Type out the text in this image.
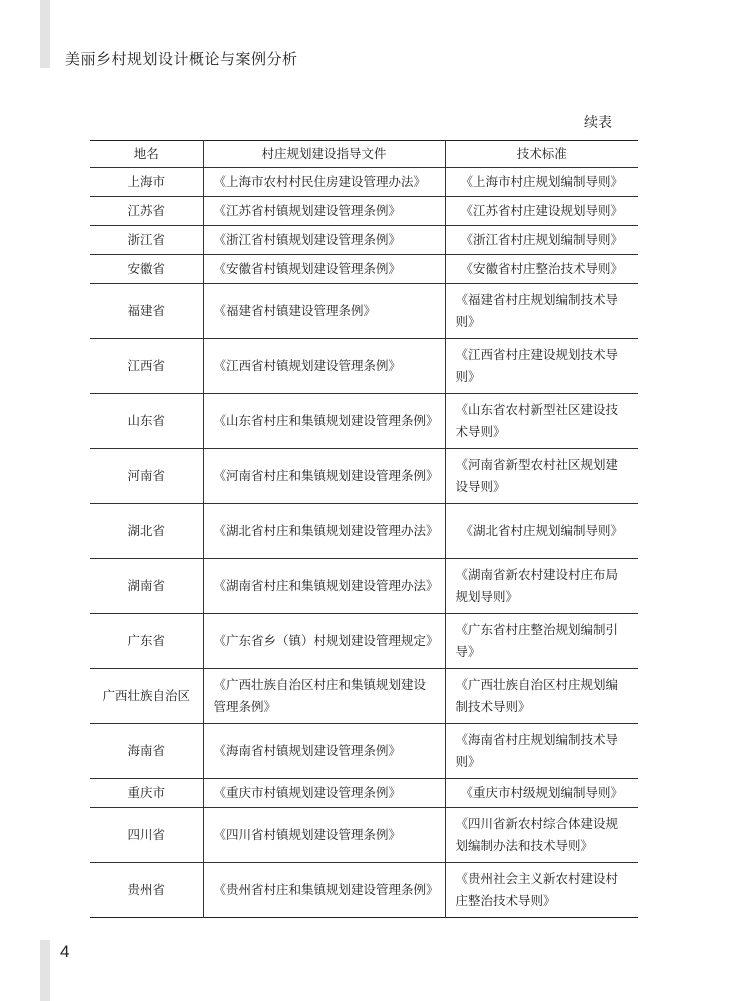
美丽乡村规划设计概论与案例分析
续表
地名	村庄规划建设指导文件	技术标准
上海市	《上海市农村村民住房建设管理办法》	《上海市村庄规划编制导则》
江苏省	《江苏省村镇规划建设管理条例》	《江苏省村庄建设规划导则》
浙江省	《浙江省村镇规划建设管理条例》	《浙江省村庄规划编制导则》
安徽省	《安徽省村镇规划建设管理条例》	《安徽省村庄整治技术导则》
福建省	《福建省村镇建设管理条例》	《福建省村庄规划编制技术导则》
江西省	《江西省村镇规划建设管理条例》	《江西省村庄建设规划技术导则》
山东省	《山东省村庄和集镇规划建设管理条例》	《山东省农村新型社区建设技术导则》
河南省	《河南省村庄和集镇规划建设管理条例》	《河南省新型农村社区规划建设导则》
湖北省	《湖北省村庄和集镇规划建设管理办法》	《湖北省村庄规划编制导则》
湖南省	《湖南省村庄和集镇规划建设管理办法》	《湖南省新农村建设村庄布局规划导则》
广东省	《广东省乡（镇）村规划建设管理规定》	《广东省村庄整治规划编制引导》
广西壮族自治区	《广西壮族自治区村庄和集镇规划建设管理条例》	《广西壮族自治区村庄规划编制技术导则》
海南省	《海南省村镇规划建设管理条例》	《海南省村庄规划编制技术导则》
重庆市	《重庆市村镇规划建设管理条例》	《重庆市村级规划编制导则》
四川省	《四川省村镇规划建设管理条例》	《四川省新农村综合体建设规划编制办法和技术导则》
贵州省	《贵州省村庄和集镇规划建设管理条例》	《贵州社会主义新农村建设村庄整治技术导则》
4
